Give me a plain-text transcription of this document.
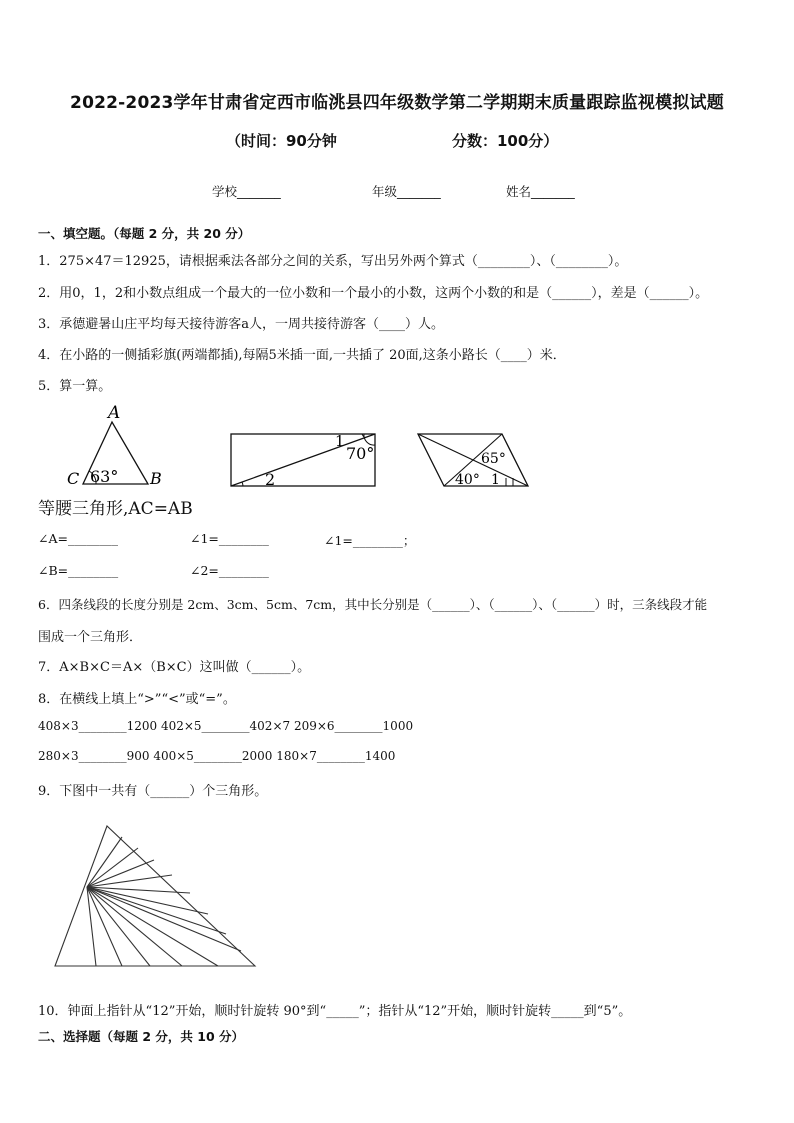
2022-2023学年甘肃省定西市临洮县四年级数学第二学期期末质量跟踪监视模拟试题
（时间：90分钟	分数：100分）
学校_______	年级_______	姓名_______
一、填空题。（每题 2 分，共 20 分）
1．275×47＝12925，请根据乘法各部分之间的关系，写出另外两个算式（________）、（________）。
2．用0，1，2和小数点组成一个最大的一位小数和一个最小的小数，这两个小数的和是（______），差是（______）。
3．承德避暑山庄平均每天接待游客a人，一周共接待游客（____）人。
4．在小路的一侧插彩旗(两端都插),每隔5米插一面,一共插了 20面,这条小路长（____）米．
5．算一算。
A
C	B
63°
1
70°
2
65°
40° 1
等腰三角形,AC=AB
∠A=________	∠1=________	∠1=________；
∠B=________	∠2=________
6．四条线段的长度分别是 2cm、3cm、5cm、7cm，其中长分别是（______）、（______）、（______）时，三条线段才能
围成一个三角形．
7．A×B×C＝A×（B×C）这叫做（______）。
8．在横线上填上“>”“<”或“=”。
408×3________1200 402×5________402×7 209×6________1000
280×3________900 400×5________2000 180×7________1400
9．下图中一共有（______）个三角形。
10．钟面上指针从“12”开始，顺时针旋转 90°到“_____”；指针从“12”开始，顺时针旋转_____到“5”。
二、选择题（每题 2 分，共 10 分）
